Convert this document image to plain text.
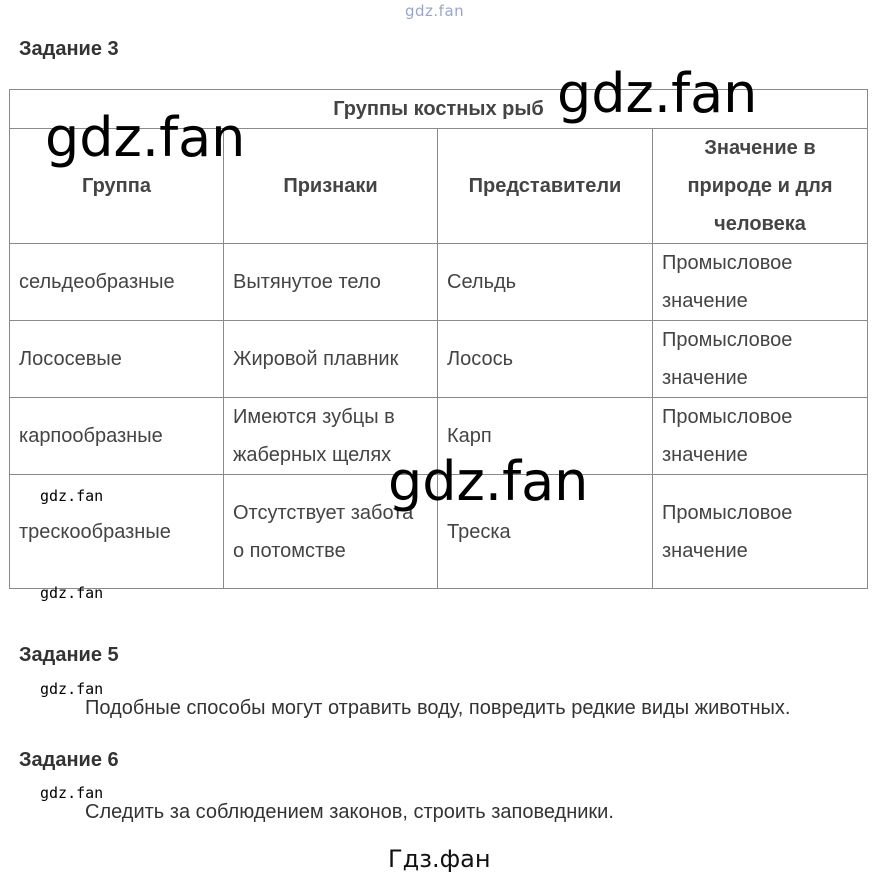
gdz.fan
Задание 3
Группы костных рыб			
Группа	Признаки	Представители	Значение в природе и для человека
сельдеобразные	Вытянутое тело	Сельдь	Промысловое значение
Лососевые	Жировой плавник	Лосось	Промысловое значение
карпообразные	Имеются зубцы в жаберных щелях	Карп	Промысловое значение
трескообразные	Отсутствует забота о потомстве	Треска	Промысловое значение
gdz.fan
gdz.fan
gdz.fan
gdz.fan
gdz.fan
Задание 5
gdz.fan
Подобные способы могут отравить воду, повредить редкие виды животных.
Задание 6
gdz.fan
Следить за соблюдением законов, строить заповедники.
Гдз.фан
